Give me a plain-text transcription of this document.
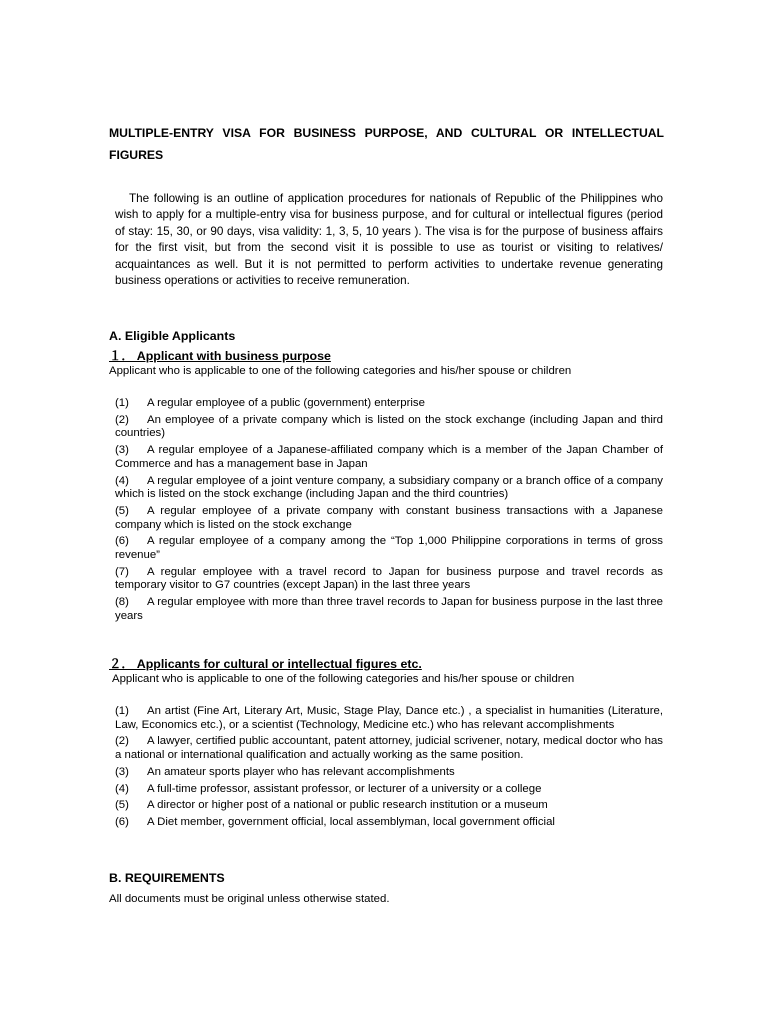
MULTIPLE-ENTRY VISA FOR BUSINESS PURPOSE, AND CULTURAL OR INTELLECTUAL FIGURES
The following is an outline of application procedures for nationals of Republic of the Philippines who wish to apply for a multiple-entry visa for business purpose, and for cultural or intellectual figures (period of stay: 15, 30, or 90 days, visa validity: 1, 3, 5, 10 years ). The visa is for the purpose of business affairs for the first visit, but from the second visit it is possible to use as tourist or visiting to relatives/ acquaintances as well. But it is not permitted to perform activities to undertake revenue generating business operations or activities to receive remuneration.
A. Eligible Applicants
１． Applicant with business purpose
Applicant who is applicable to one of the following categories and his/her spouse or children
(1) A regular employee of a public (government) enterprise
(2) An employee of a private company which is listed on the stock exchange (including Japan and third countries)
(3) A regular employee of a Japanese-affiliated company which is a member of the Japan Chamber of Commerce and has a management base in Japan
(4) A regular employee of a joint venture company, a subsidiary company or a branch office of a company which is listed on the stock exchange (including Japan and the third countries)
(5) A regular employee of a private company with constant business transactions with a Japanese company which is listed on the stock exchange
(6) A regular employee of a company among the “Top 1,000 Philippine corporations in terms of gross revenue”
(7) A regular employee with a travel record to Japan for business purpose and travel records as temporary visitor to G7 countries (except Japan) in the last three years
(8) A regular employee with more than three travel records to Japan for business purpose in the last three years
２． Applicants for cultural or intellectual figures etc.
Applicant who is applicable to one of the following categories and his/her spouse or children
(1) An artist (Fine Art, Literary Art, Music, Stage Play, Dance etc.) , a specialist in humanities (Literature, Law, Economics etc.), or a scientist (Technology, Medicine etc.) who has relevant accomplishments
(2) A lawyer, certified public accountant, patent attorney, judicial scrivener, notary, medical doctor who has a national or international qualification and actually working as the same position.
(3) An amateur sports player who has relevant accomplishments
(4) A full-time professor, assistant professor, or lecturer of a university or a college
(5) A director or higher post of a national or public research institution or a museum
(6) A Diet member, government official, local assemblyman, local government official
B. REQUIREMENTS
All documents must be original unless otherwise stated.
